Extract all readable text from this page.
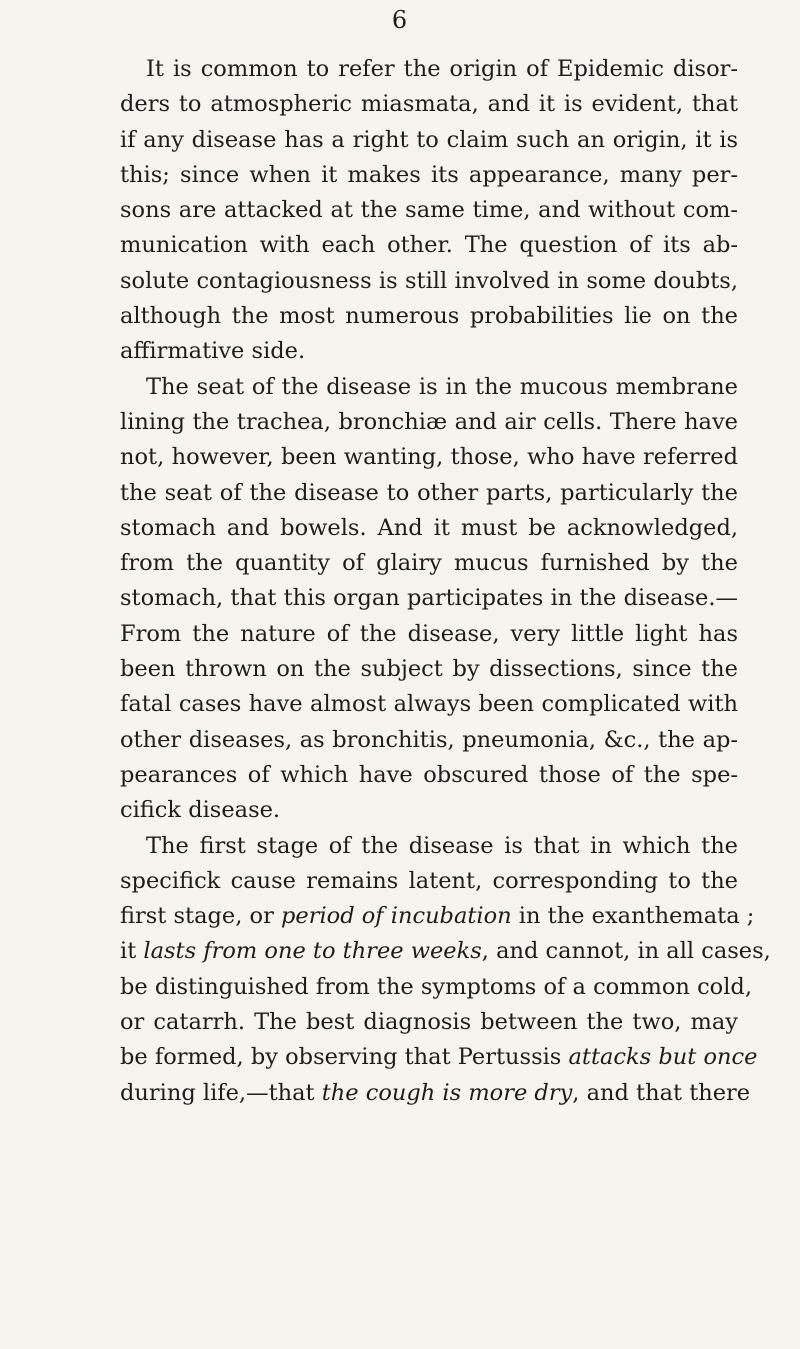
6
It is common to refer the origin of Epidemic disor-
ders to atmospheric miasmata, and it is evident, that
if any disease has a right to claim such an origin, it is
this; since when it makes its appearance, many per-
sons are attacked at the same time, and without com-
munication with each other. The question of its ab-
solute contagiousness is still involved in some doubts,
although the most numerous probabilities lie on the
affirmative side.
The seat of the disease is in the mucous membrane
lining the trachea, bronchiæ and air cells. There have
not, however, been wanting, those, who have referred
the seat of the disease to other parts, particularly the
stomach and bowels. And it must be acknowledged,
from the quantity of glairy mucus furnished by the
stomach, that this organ participates in the disease.—
From the nature of the disease, very little light has
been thrown on the subject by dissections, since the
fatal cases have almost always been complicated with
other diseases, as bronchitis, pneumonia, &c., the ap-
pearances of which have obscured those of the spe-
cifick disease.
The first stage of the disease is that in which the
specifick cause remains latent, corresponding to the
first stage, or period of incubation in the exanthemata ;
it lasts from one to three weeks, and cannot, in all cases,
be distinguished from the symptoms of a common cold,
or catarrh. The best diagnosis between the two, may
be formed, by observing that Pertussis attacks but once
during life,—that the cough is more dry, and that there
